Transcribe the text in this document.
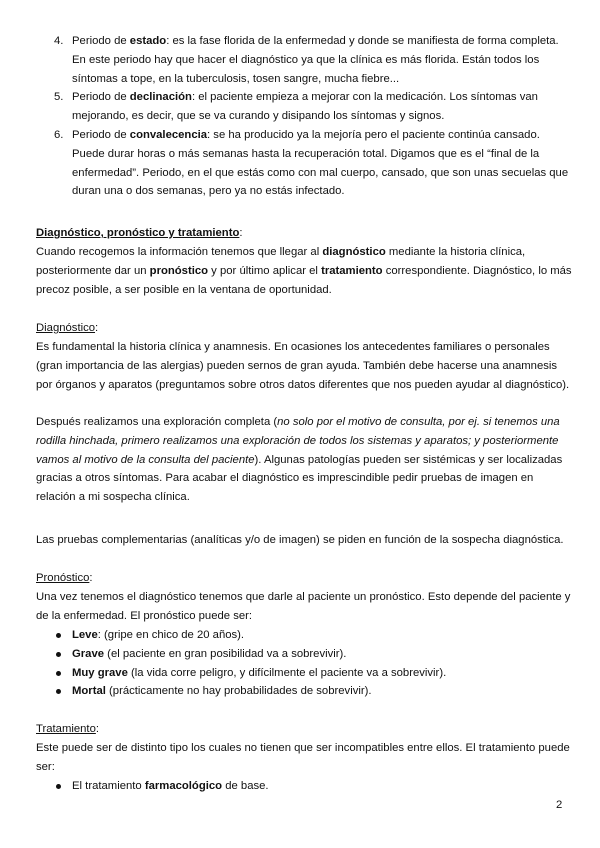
4. Periodo de estado: es la fase florida de la enfermedad y donde se manifiesta de forma completa.
En este periodo hay que hacer el diagnóstico ya que la clínica es más florida. Están todos los
síntomas a tope, en la tuberculosis, tosen sangre, mucha fiebre...
5. Periodo de declinación: el paciente empieza a mejorar con la medicación. Los síntomas van
mejorando, es decir, que se va curando y disipando los síntomas y signos.
6. Periodo de convalecencia: se ha producido ya la mejoría pero el paciente continúa cansado.
Puede durar horas o más semanas hasta la recuperación total. Digamos que es el “final de la
enfermedad”. Periodo, en el que estás como con mal cuerpo, cansado, que son unas secuelas que
duran una o dos semanas, pero ya no estás infectado.
Diagnóstico, pronóstico y tratamiento:
Cuando recogemos la información tenemos que llegar al diagnóstico mediante la historia clínica,
posteriormente dar un pronóstico y por último aplicar el tratamiento correspondiente. Diagnóstico, lo más
precoz posible, a ser posible en la ventana de oportunidad.
Diagnóstico:
Es fundamental la historia clínica y anamnesis. En ocasiones los antecedentes familiares o personales
(gran importancia de las alergias) pueden sernos de gran ayuda. También debe hacerse una anamnesis
por órganos y aparatos (preguntamos sobre otros datos diferentes que nos pueden ayudar al diagnóstico).
Después realizamos una exploración completa (no solo por el motivo de consulta, por ej. si tenemos una
rodilla hinchada, primero realizamos una exploración de todos los sistemas y aparatos; y posteriormente
vamos al motivo de la consulta del paciente). Algunas patologías pueden ser sistémicas y ser localizadas
gracias a otros síntomas. Para acabar el diagnóstico es imprescindible pedir pruebas de imagen en
relación a mi sospecha clínica.
Las pruebas complementarias (analíticas y/o de imagen) se piden en función de la sospecha diagnóstica.
Pronóstico:
Una vez tenemos el diagnóstico tenemos que darle al paciente un pronóstico. Esto depende del paciente y
de la enfermedad. El pronóstico puede ser:
Leve: (gripe en chico de 20 años).
Grave (el paciente en gran posibilidad va a sobrevivir).
Muy grave (la vida corre peligro, y difícilmente el paciente va a sobrevivir).
Mortal (prácticamente no hay probabilidades de sobrevivir).
Tratamiento:
Este puede ser de distinto tipo los cuales no tienen que ser incompatibles entre ellos. El tratamiento puede
ser:
El tratamiento farmacológico de base.
2
